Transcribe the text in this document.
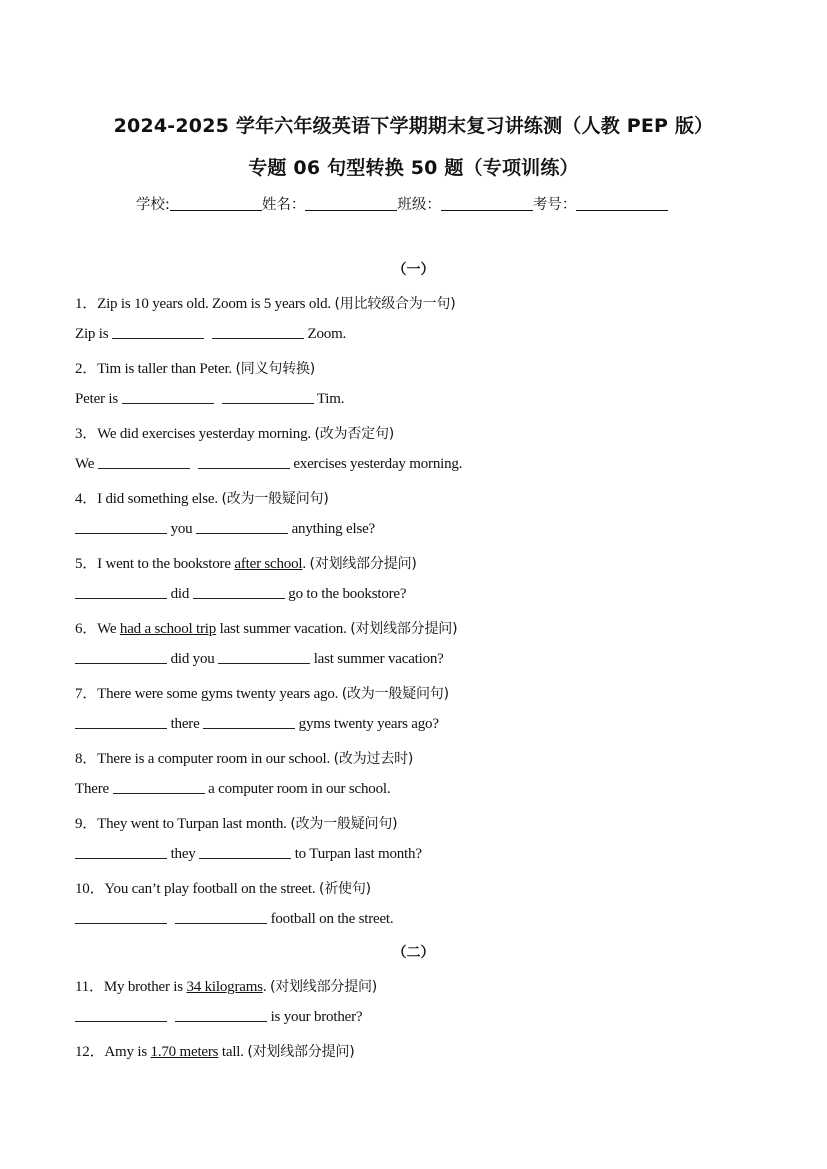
2024-2025 学年六年级英语下学期期末复习讲练测（人教 PEP 版）
专题 06 句型转换 50 题（专项训练）
学校:	姓名：	班级：	考号：
（一）
1．Zip is 10 years old. Zoom is 5 years old. (用比较级合为一句)
Zip is	Zoom.
2．Tim is taller than Peter. (同义句转换)
Peter is	Tim.
3．We did exercises yesterday morning. (改为否定句)
We	exercises yesterday morning.
4．I did something else. (改为一般疑问句)
you	anything else?
5．I went to the bookstore after school. (对划线部分提问)
did	go to the bookstore?
6．We had a school trip last summer vacation. (对划线部分提问)
did you	last summer vacation?
7．There were some gyms twenty years ago. (改为一般疑问句)
there	gyms twenty years ago?
8．There is a computer room in our school. (改为过去时)
There	a computer room in our school.
9．They went to Turpan last month. (改为一般疑问句)
they	to Turpan last month?
10．You can’t play football on the street. (祈使句)
football on the street.
（二）
11．My brother is 34 kilograms. (对划线部分提问)
is your brother?
12．Amy is 1.70 meters tall. (对划线部分提问)
